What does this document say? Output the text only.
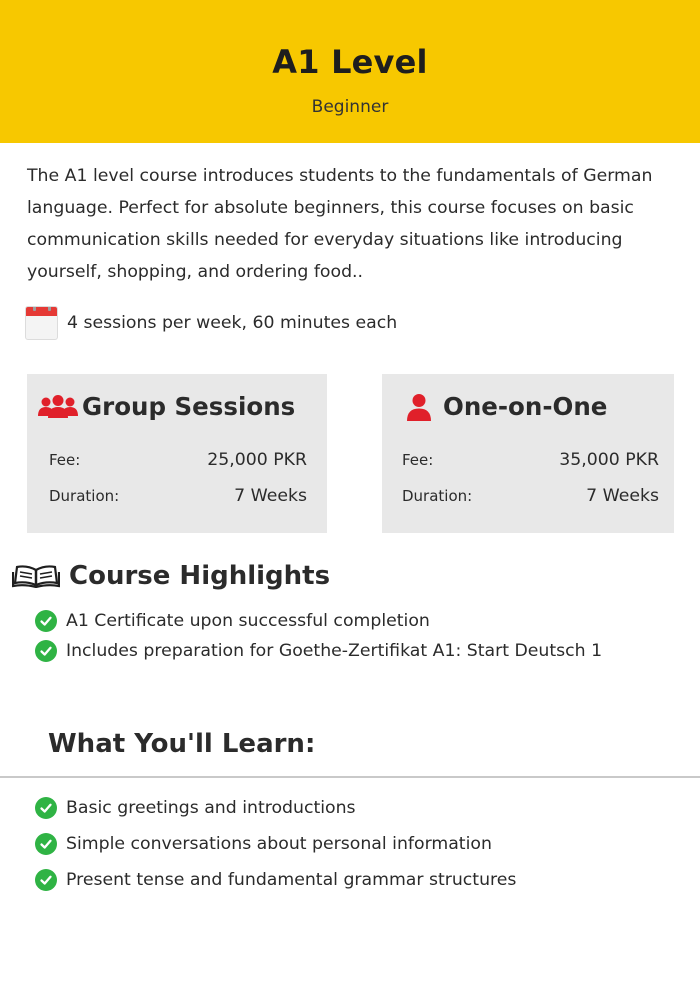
A1 Level
Beginner
The A1 level course introduces students to the fundamentals of German language. Perfect for absolute beginners, this course focuses on basic communication skills needed for everyday situations like introducing yourself, shopping, and ordering food..
4 sessions per week, 60 minutes each
Group Sessions
Fee:	25,000 PKR
Duration:	7 Weeks
One-on-One
Fee:	35,000 PKR
Duration:	7 Weeks
Course Highlights
A1 Certificate upon successful completion
Includes preparation for Goethe-Zertifikat A1: Start Deutsch 1
What You'll Learn:
Basic greetings and introductions
Simple conversations about personal information
Present tense and fundamental grammar structures
